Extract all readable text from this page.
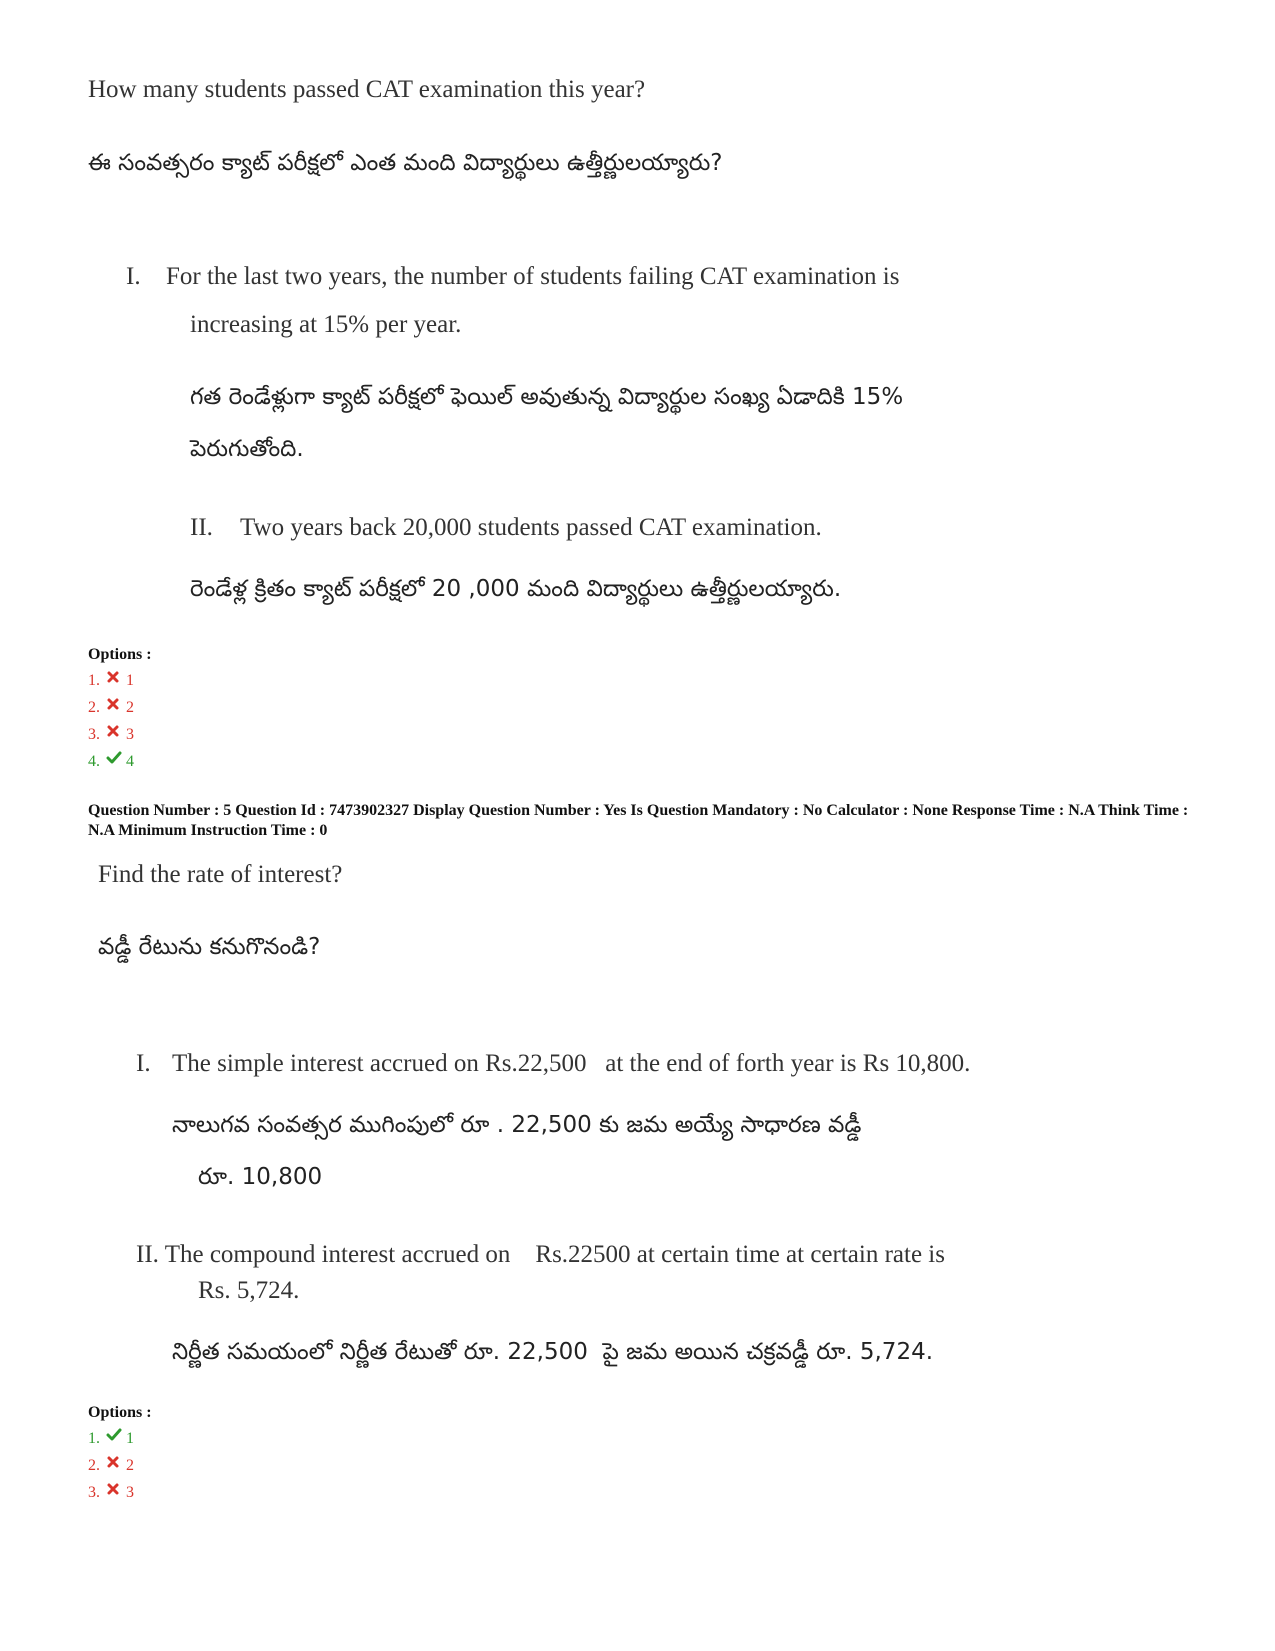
How many students passed CAT examination this year?
ఈ సంవత్సరం క్యాట్ పరీక్షలో ఎంత మంది విద్యార్థులు ఉత్తీర్ణులయ్యారు?
I. For the last two years, the number of students failing CAT examination is
increasing at 15% per year.
గత రెండేళ్లుగా క్యాట్ పరీక్షలో ఫెయిల్ అవుతున్న విద్యార్థుల సంఖ్య ఏడాదికి 15%
పెరుగుతోంది.
II. Two years back 20,000 students passed CAT examination.
రెండేళ్ల క్రితం క్యాట్ పరీక్షలో 20 ,000 మంది విద్యార్థులు ఉత్తీర్ణులయ్యారు.
Options :
1. 1
2. 2
3. 3
4. 4
Question Number : 5 Question Id : 7473902327 Display Question Number : Yes Is Question Mandatory : No Calculator : None Response Time : N.A Think Time : N.A Minimum Instruction Time : 0
Find the rate of interest?
వడ్డీ రేటును కనుగొనండి?
I. The simple interest accrued on Rs.22,500   at the end of forth year is Rs 10,800.
నాలుగవ సంవత్సర ముగింపులో రూ . 22,500 కు జమ అయ్యే సాధారణ వడ్డీ
రూ. 10,800
II. The compound interest accrued on    Rs.22500 at certain time at certain rate is
Rs. 5,724.
నిర్ణీత సమయంలో నిర్ణీత రేటుతో రూ. 22,500  పై జమ అయిన చక్రవడ్డీ రూ. 5,724.
Options :
1. 1
2. 2
3. 3
